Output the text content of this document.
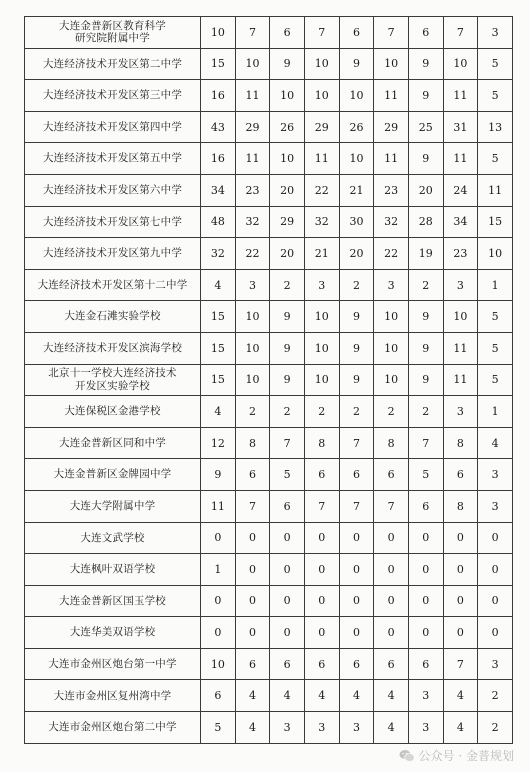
大连金普新区教育科学
研究院附属中学	10	7	6	7	6	7	6	7	3

大连经济技术开发区第二中学	15	10	9	10	9	10	9	10	5

大连经济技术开发区第三中学	16	11	10	10	10	11	9	11	5

大连经济技术开发区第四中学	43	29	26	29	26	29	25	31	13

大连经济技术开发区第五中学	16	11	10	11	10	11	9	11	5

大连经济技术开发区第六中学	34	23	20	22	21	23	20	24	11

大连经济技术开发区第七中学	48	32	29	32	30	32	28	34	15

大连经济技术开发区第九中学	32	22	20	21	20	22	19	23	10

大连经济技术开发区第十二中学	4	3	2	3	2	3	2	3	1

大连金石滩实验学校	15	10	9	10	9	10	9	10	5

大连经济技术开发区滨海学校	15	10	9	10	9	10	9	11	5

北京十一学校大连经济技术
开发区实验学校	15	10	9	10	9	10	9	11	5

大连保税区金港学校	4	2	2	2	2	2	2	3	1

大连金普新区同和中学	12	8	7	8	7	8	7	8	4

大连金普新区金牌园中学	9	6	5	6	6	6	5	6	3

大连大学附属中学	11	7	6	7	7	7	6	8	3

大连文武学校	0	0	0	0	0	0	0	0	0

大连枫叶双语学校	1	0	0	0	0	0	0	0	0

大连金普新区国玉学校	0	0	0	0	0	0	0	0	0

大连华美双语学校	0	0	0	0	0	0	0	0	0

大连市金州区炮台第一中学	10	6	6	6	6	6	6	7	3

大连市金州区复州湾中学	6	4	4	4	4	4	3	4	2

大连市金州区炮台第二中学	5	4	3	3	3	4	3	4	2
公众号 · 金普规划
